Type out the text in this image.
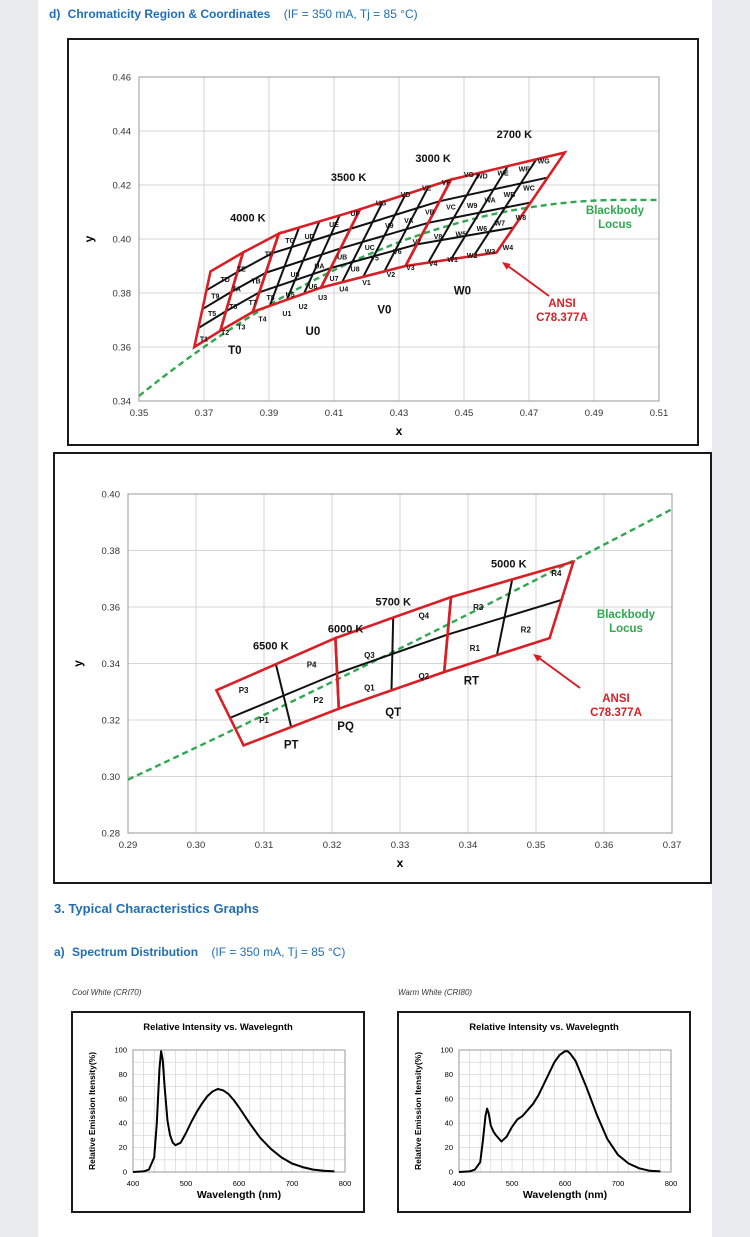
d) Chromaticity Region & Coordinates (IF = 350 mA, Tj = 85 °C)
0.35	0.37	0.39	0.41	0.43	0.45	0.47	0.49	0.51
0.34
0.36
0.38
0.40
0.42
0.44
0.46
x
y
T1
T2
T5
T3
T4
T6
T9
T7
T8
TA
TB
TD
TE
TF
TG
U1
U2
U3
U4
U5
U6
U7
U8
U9
UA
UB
UC
UD
UE
UF
UG
V1
V2
V3
V4
V5
V6
V7
V8
V9
VA
VB
VC
VD
VE
VF
VG
W1
W2
W3
W4
W5
W6
W7
W8
W9
WA
WB
WC
WD WE
WF
WG
4000 K
3500 K
3000 K
2700 K
T0
U0
V0
W0
Blackbody Locus
ANSI C78.377A
0.29	0.30	0.31	0.32	0.33	0.34	0.35	0.36	0.37
0.28
0.30
0.32
0.34
0.36
0.38
0.40
x
y
P3
P4
P1
P2
Q3
Q4
Q1
Q2
R3
R4
R1
R2
6500 K
6000 K
5700 K
5000 K
PT
PQ
QT
RT
Blackbody Locus
ANSI C78.377A
3. Typical Characteristics Graphs
a) Spectrum Distribution (IF = 350 mA, Tj = 85 °C)
Cool White (CRI70)
Relative Intensity vs. Wavelegnth
400	500	600	700	800
0
20
40
60
80
100
Wavelength (nm)
Relative Emission Itensity(%)
Warm White (CRI80)
Relative Intensity vs. Wavelegnth
400	500	600	700	800
0
20
40
60
80
100
Wavelength (nm)
Relative Emission Itensity(%)
